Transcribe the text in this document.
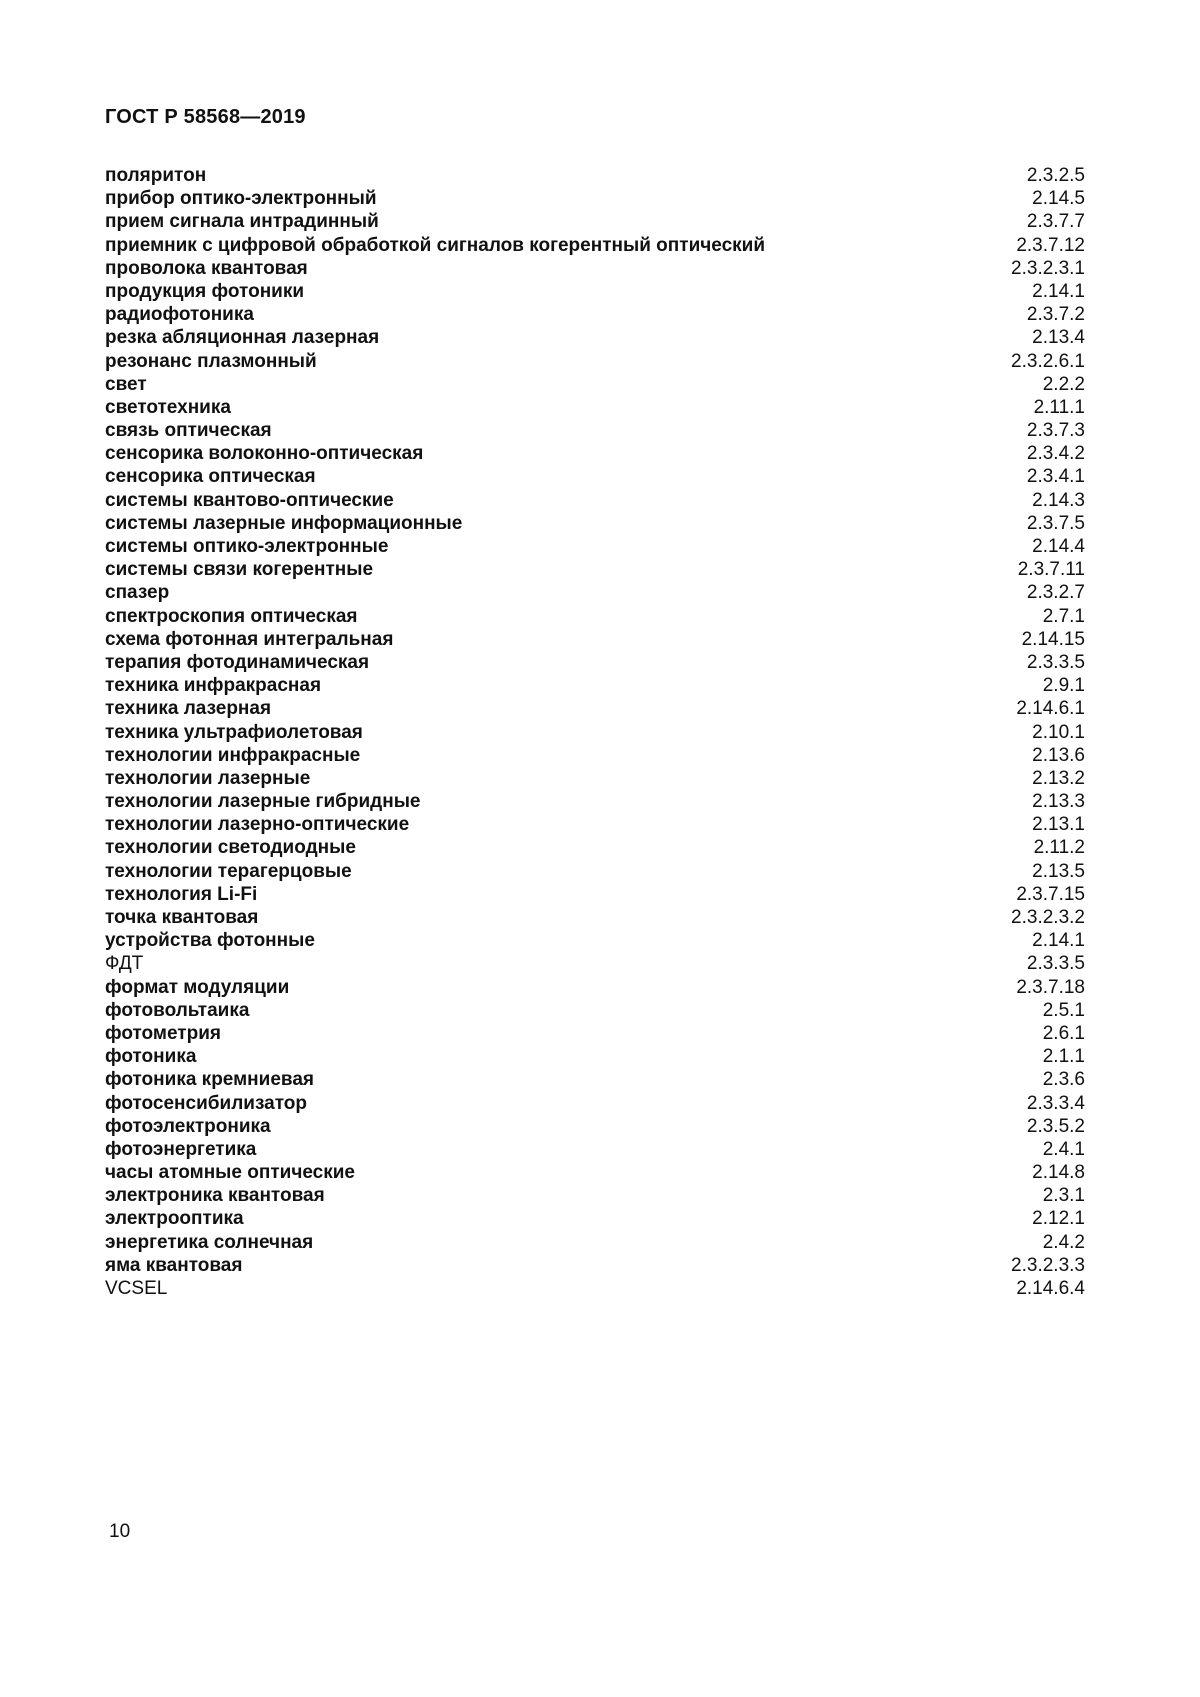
ГОСТ Р 58568—2019
поляритон	2.3.2.5
прибор оптико-электронный	2.14.5
прием сигнала интрадинный	2.3.7.7
приемник с цифровой обработкой сигналов когерентный оптический	2.3.7.12
проволока квантовая	2.3.2.3.1
продукция фотоники	2.14.1
радиофотоника	2.3.7.2
резка абляционная лазерная	2.13.4
резонанс плазмонный	2.3.2.6.1
свет	2.2.2
светотехника	2.11.1
связь оптическая	2.3.7.3
сенсорика волоконно-оптическая	2.3.4.2
сенсорика оптическая	2.3.4.1
системы квантово-оптические	2.14.3
системы лазерные информационные	2.3.7.5
системы оптико-электронные	2.14.4
системы связи когерентные	2.3.7.11
спазер	2.3.2.7
спектроскопия оптическая	2.7.1
схема фотонная интегральная	2.14.15
терапия фотодинамическая	2.3.3.5
техника инфракрасная	2.9.1
техника лазерная	2.14.6.1
техника ультрафиолетовая	2.10.1
технологии инфракрасные	2.13.6
технологии лазерные	2.13.2
технологии лазерные гибридные	2.13.3
технологии лазерно-оптические	2.13.1
технологии светодиодные	2.11.2
технологии терагерцовые	2.13.5
технология Li-Fi	2.3.7.15
точка квантовая	2.3.2.3.2
устройства фотонные	2.14.1
ФДТ	2.3.3.5
формат модуляции	2.3.7.18
фотовольтаика	2.5.1
фотометрия	2.6.1
фотоника	2.1.1
фотоника кремниевая	2.3.6
фотосенсибилизатор	2.3.3.4
фотоэлектроника	2.3.5.2
фотоэнергетика	2.4.1
часы атомные оптические	2.14.8
электроника квантовая	2.3.1
электрооптика	2.12.1
энергетика солнечная	2.4.2
яма квантовая	2.3.2.3.3
VCSEL	2.14.6.4
10
